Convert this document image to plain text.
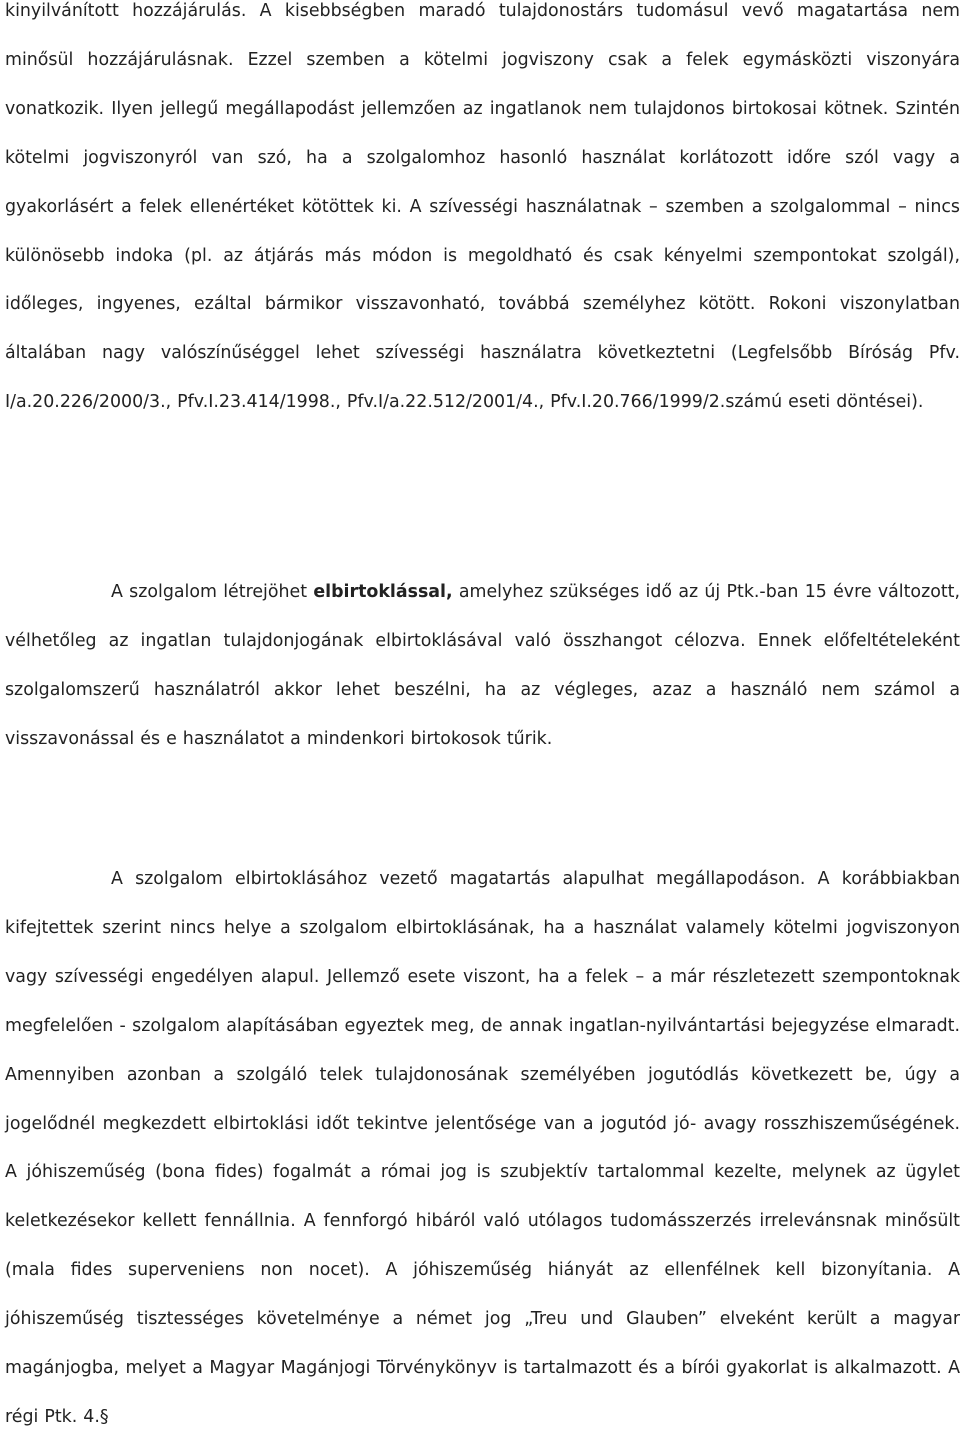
kinyilvánított hozzájárulás. A kisebbségben maradó tulajdonostárs tudomásul vevő magatartása nem minősül hozzájárulásnak. Ezzel szemben a kötelmi jogviszony csak a felek egymásközti viszonyára vonatkozik. Ilyen jellegű megállapodást jellemzően az ingatlanok nem tulajdonos birtokosai kötnek. Szintén kötelmi jogviszonyról van szó, ha a szolgalomhoz hasonló használat korlátozott időre szól vagy a gyakorlásért a felek ellenértéket kötöttek ki. A szívességi használatnak – szemben a szolgalommal – nincs különösebb indoka (pl. az átjárás más módon is megoldható és csak kényelmi szempontokat szolgál), időleges, ingyenes, ezáltal bármikor visszavonható, továbbá személyhez kötött. Rokoni viszonylatban általában nagy valószínűséggel lehet szívességi használatra következtetni (Legfelsőbb Bíróság Pfv. I/a.20.226/2000/3., Pfv.I.23.414/1998., Pfv.I/a.22.512/2001/4., Pfv.I.20.766/1999/2.számú eseti döntései).

A szolgalom létrejöhet elbirtoklással, amelyhez szükséges idő az új Ptk.-ban 15 évre változott, vélhetőleg az ingatlan tulajdonjogának elbirtoklásával való összhangot célozva. Ennek előfeltételeként szolgalomszerű használatról akkor lehet beszélni, ha az végleges, azaz a használó nem számol a visszavonással és e használatot a mindenkori birtokosok tűrik.

A szolgalom elbirtoklásához vezető magatartás alapulhat megállapodáson. A korábbiakban kifejtettek szerint nincs helye a szolgalom elbirtoklásának, ha a használat valamely kötelmi jogviszonyon vagy szívességi engedélyen alapul. Jellemző esete viszont, ha a felek – a már részletezett szempontoknak megfelelően - szolgalom alapításában egyeztek meg, de annak ingatlan-nyilvántartási bejegyzése elmaradt. Amennyiben azonban a szolgáló telek tulajdonosának személyében jogutódlás következett be, úgy a jogelődnél megkezdett elbirtoklási időt tekintve jelentősége van a jogutód jó- avagy rosszhiszeműségének. A jóhiszeműség (bona fides) fogalmát a római jog is szubjektív tartalommal kezelte, melynek az ügylet keletkezésekor kellett fennállnia. A fennforgó hibáról való utólagos tudomásszerzés irrelevánsnak minősült (mala fides superveniens non nocet). A jóhiszeműség hiányát az ellenfélnek kell bizonyítania. A jóhiszeműség tisztességes követelménye a német jog „Treu und Glauben” elveként került a magyar magánjogba, melyet a Magyar Magánjogi Törvénykönyv is tartalmazott és a bírói gyakorlat is alkalmazott. A régi Ptk. 4.§
